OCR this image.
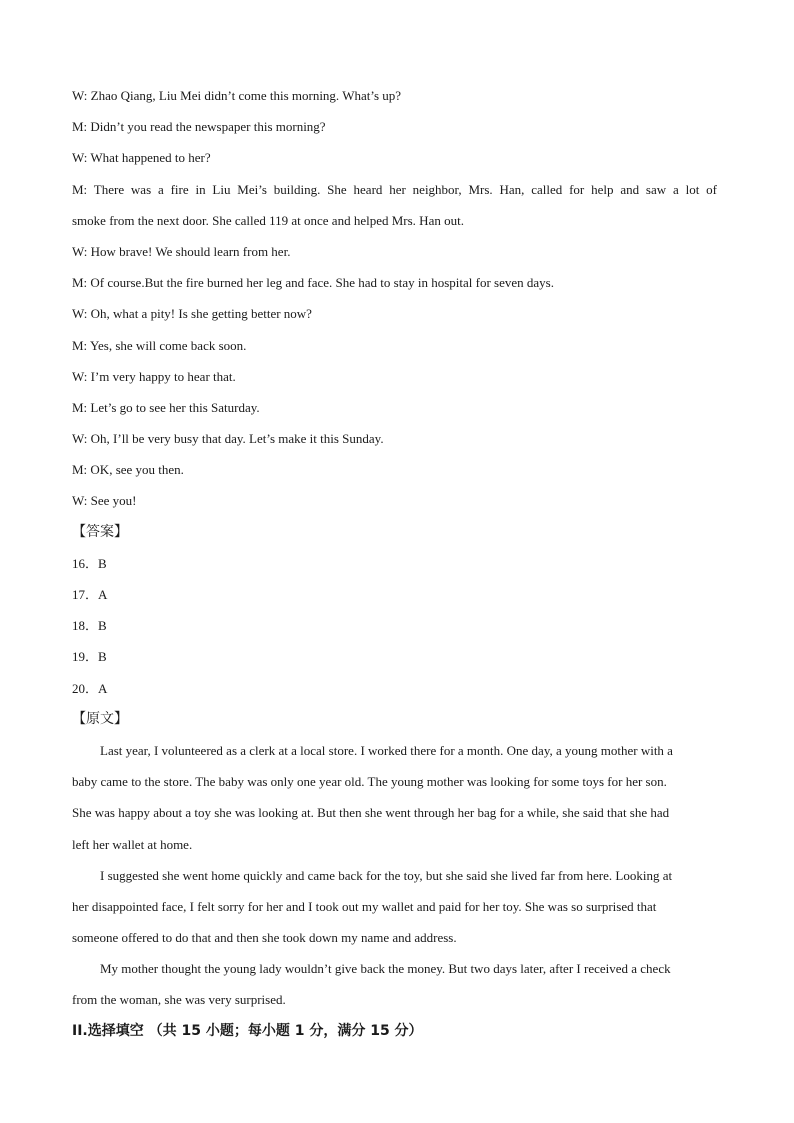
W: Zhao Qiang, Liu Mei didn’t come this morning. What’s up?
M: Didn’t you read the newspaper this morning?
W: What happened to her?
M: There was a fire in Liu Mei’s building. She heard her neighbor, Mrs. Han, called for help and saw a lot of
smoke from the next door. She called 119 at once and helped Mrs. Han out.
W: How brave! We should learn from her.
M: Of course.But the fire burned her leg and face. She had to stay in hospital for seven days.
W: Oh, what a pity! Is she getting better now?
M: Yes, she will come back soon.
W: I’m very happy to hear that.
M: Let’s go to see her this Saturday.
W: Oh, I’ll be very busy that day. Let’s make it this Sunday.
M: OK, see you then.
W: See you!
【答案】
16．B
17．A
18．B
19．B
20．A
【原文】
Last year, I volunteered as a clerk at a local store. I worked there for a month. One day, a young mother with a
baby came to the store. The baby was only one year old. The young mother was looking for some toys for her son.
She was happy about a toy she was looking at. But then she went through her bag for a while, she said that she had
left her wallet at home.
I suggested she went home quickly and came back for the toy, but she said she lived far from here. Looking at
her disappointed face, I felt sorry for her and I took out my wallet and paid for her toy. She was so surprised that
someone offered to do that and then she took down my name and address.
My mother thought the young lady wouldn’t give back the money. But two days later, after I received a check
from the woman, she was very surprised.
II.选择填空 （共 15 小题；每小题 1 分，满分 15 分）
